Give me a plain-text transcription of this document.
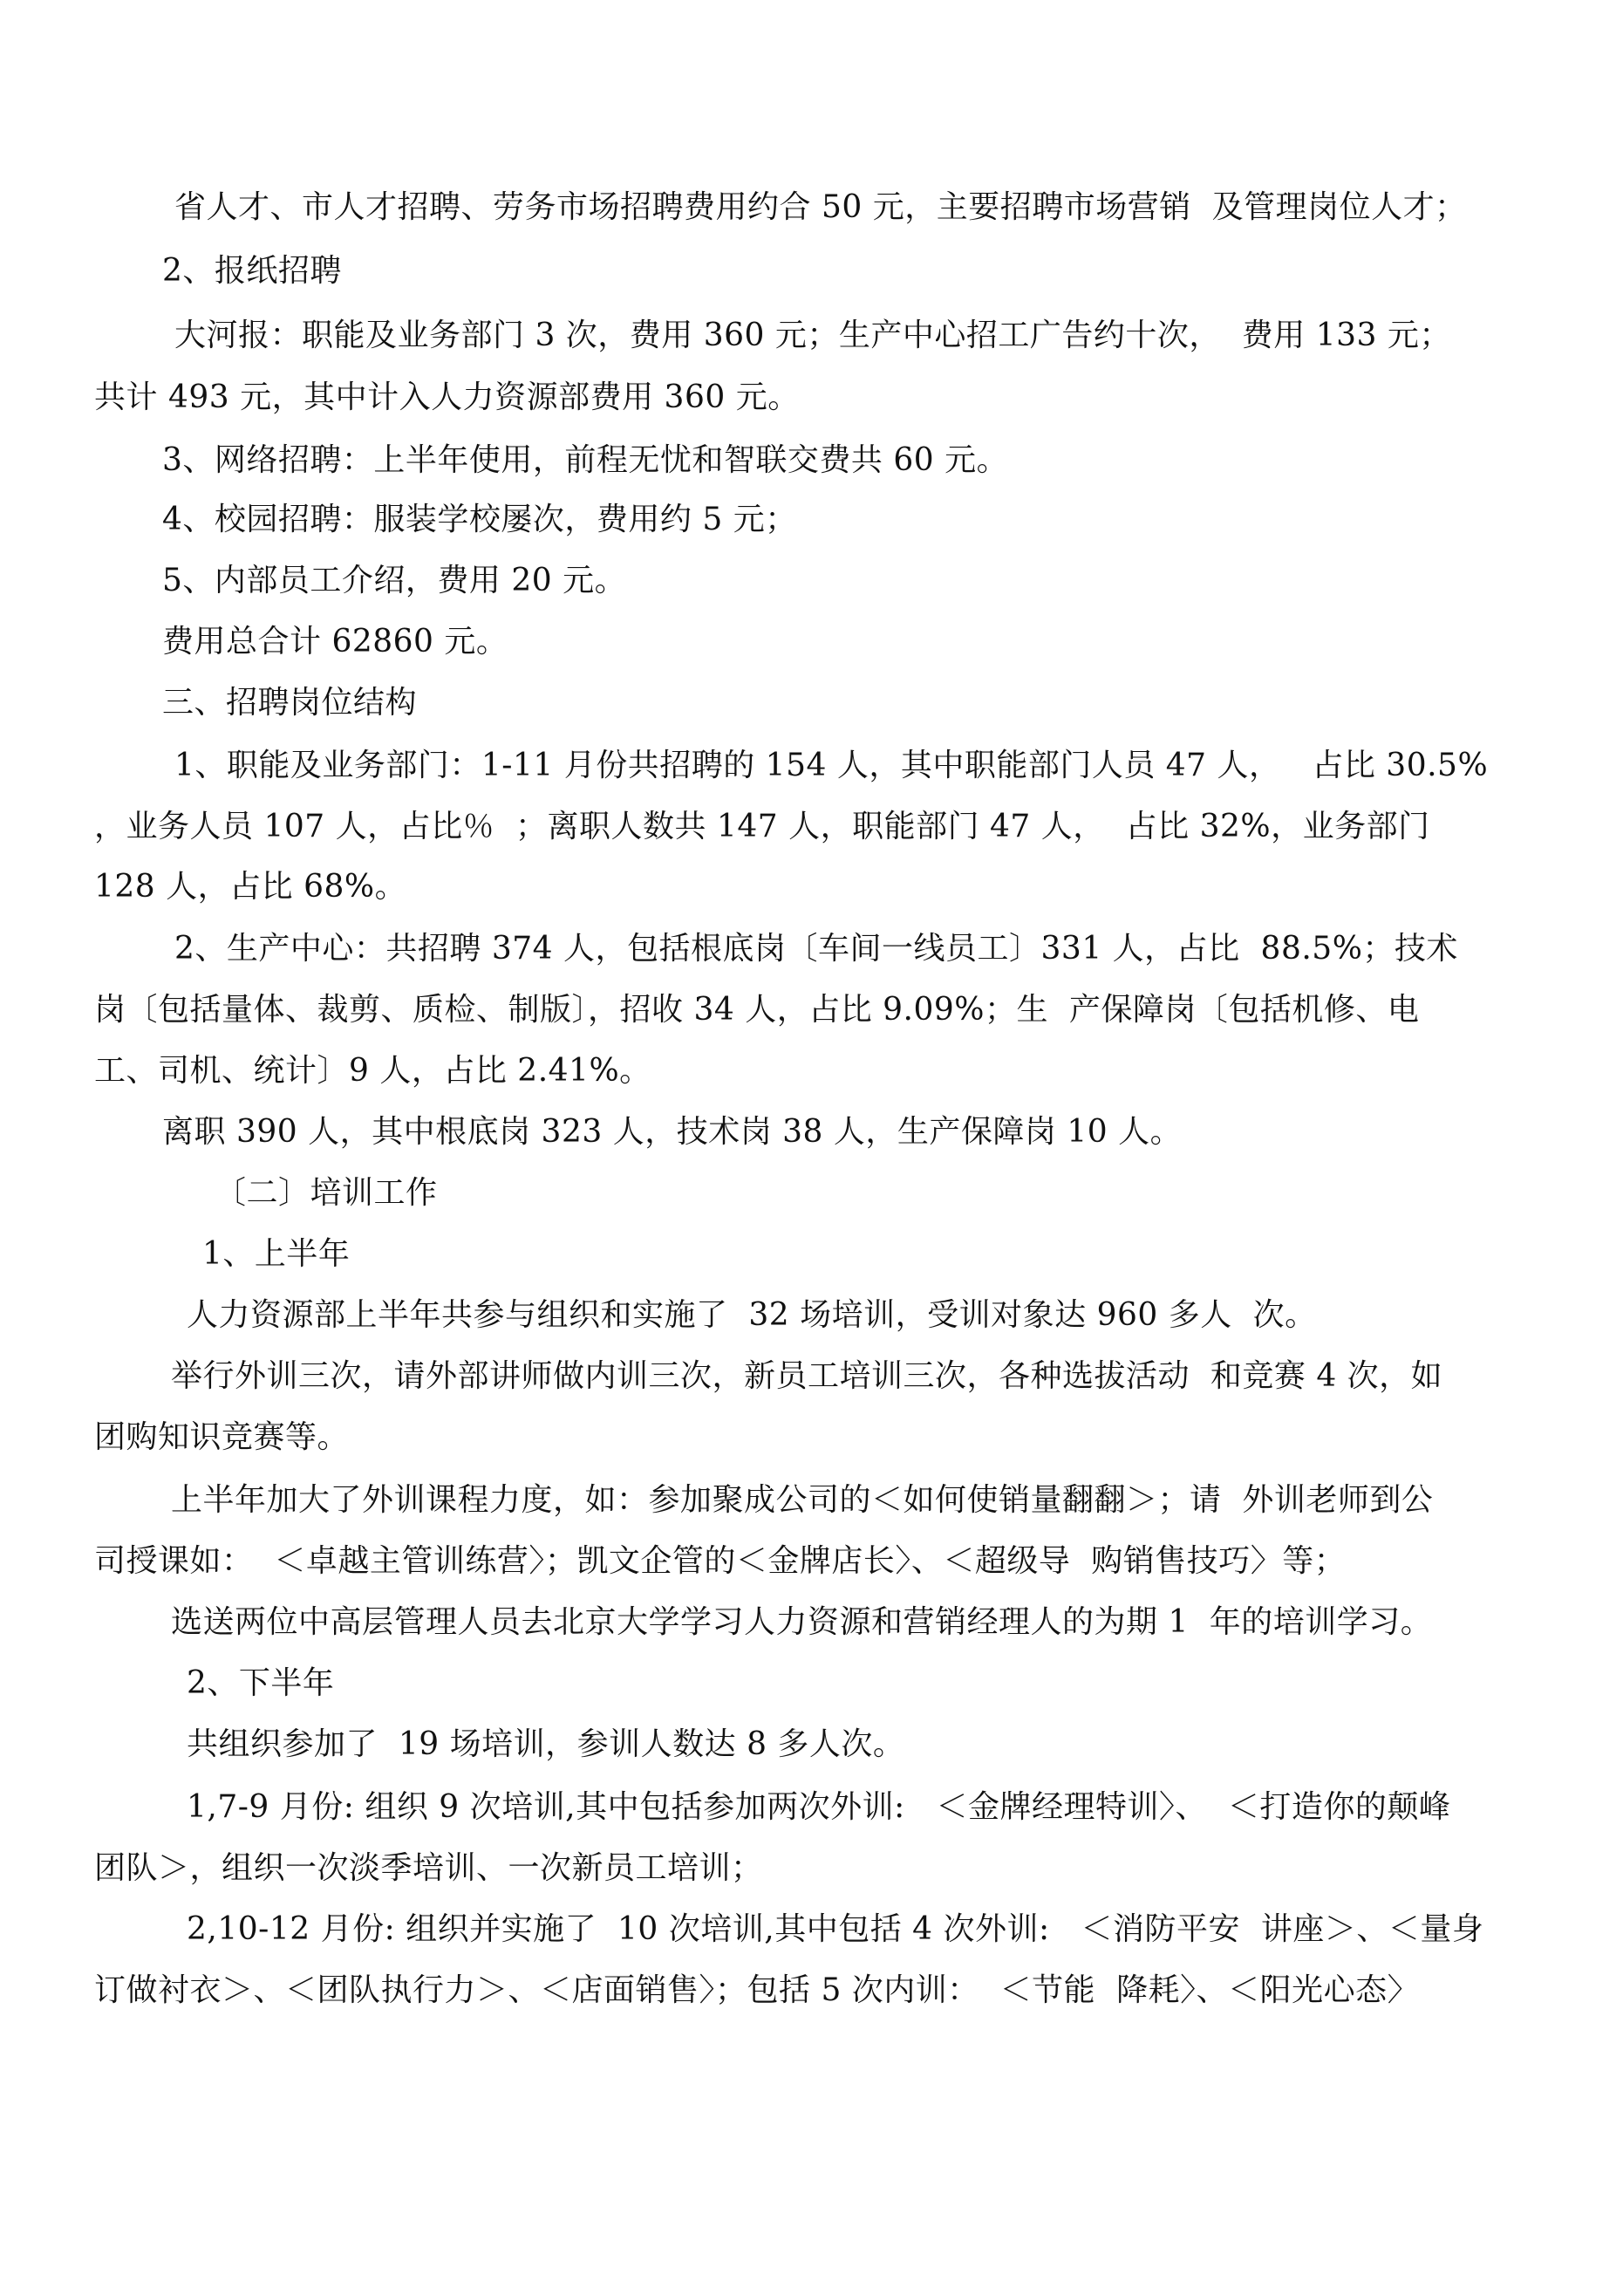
省人才、市人才招聘、劳务市场招聘费用约合 50 元，主要招聘市场营销  及管理岗位人才；

2、报纸招聘

大河报：职能及业务部门 3 次，费用 360 元；生产中心招工广告约十次，  费用 133 元；

共计 493 元，其中计入人力资源部费用 360 元。

3、网络招聘：上半年使用，前程无忧和智联交费共 60 元。

4、校园招聘：服装学校屡次，费用约 5 元；

5、内部员工介绍，费用 20 元。

费用总合计 62860 元。

三、招聘岗位结构

1、职能及业务部门：1-11 月份共招聘的 154 人，其中职能部门人员 47 人，   占比 30.5%

，业务人员 107 人，占比％  ；离职人数共 147 人，职能部门 47 人，  占比 32%，业务部门

128 人，占比 68%。

2、生产中心：共招聘 374 人，包括根底岗〔车间一线员工〕331 人，占比  88.5%；技术

岗〔包括量体、裁剪、质检、制版〕，招收 34 人，占比 9.09%；生  产保障岗〔包括机修、电

工、司机、统计〕9 人，占比 2.41%。

离职 390 人，其中根底岗 323 人，技术岗 38 人，生产保障岗 10 人。

〔二〕培训工作

1、上半年

人力资源部上半年共参与组织和实施了  32 场培训，受训对象达 960 多人  次。

举行外训三次，请外部讲师做内训三次，新员工培训三次，各种选拔活动  和竞赛 4 次，如

团购知识竞赛等。

上半年加大了外训课程力度，如：参加聚成公司的＜如何使销量翻翻＞；请  外训老师到公

司授课如：  ＜卓越主管训练营〉；凯文企管的＜金牌店长〉、＜超级导  购销售技巧〉等；

选送两位中高层管理人员去北京大学学习人力资源和营销经理人的为期 1  年的培训学习。

2、下半年

共组织参加了  19 场培训，参训人数达 8 多人次。

1,7-9 月份: 组织 9 次培训,其中包括参加两次外训:   ＜金牌经理特训〉、  ＜打造你的颠峰

团队＞，组织一次淡季培训、一次新员工培训；

2,10-12 月份: 组织并实施了  10 次培训,其中包括 4 次外训:   ＜消防平安  讲座＞、＜量身

订做衬衣＞、＜团队执行力＞、＜店面销售〉；包括 5 次内训：  ＜节能  降耗〉、＜阳光心态〉
